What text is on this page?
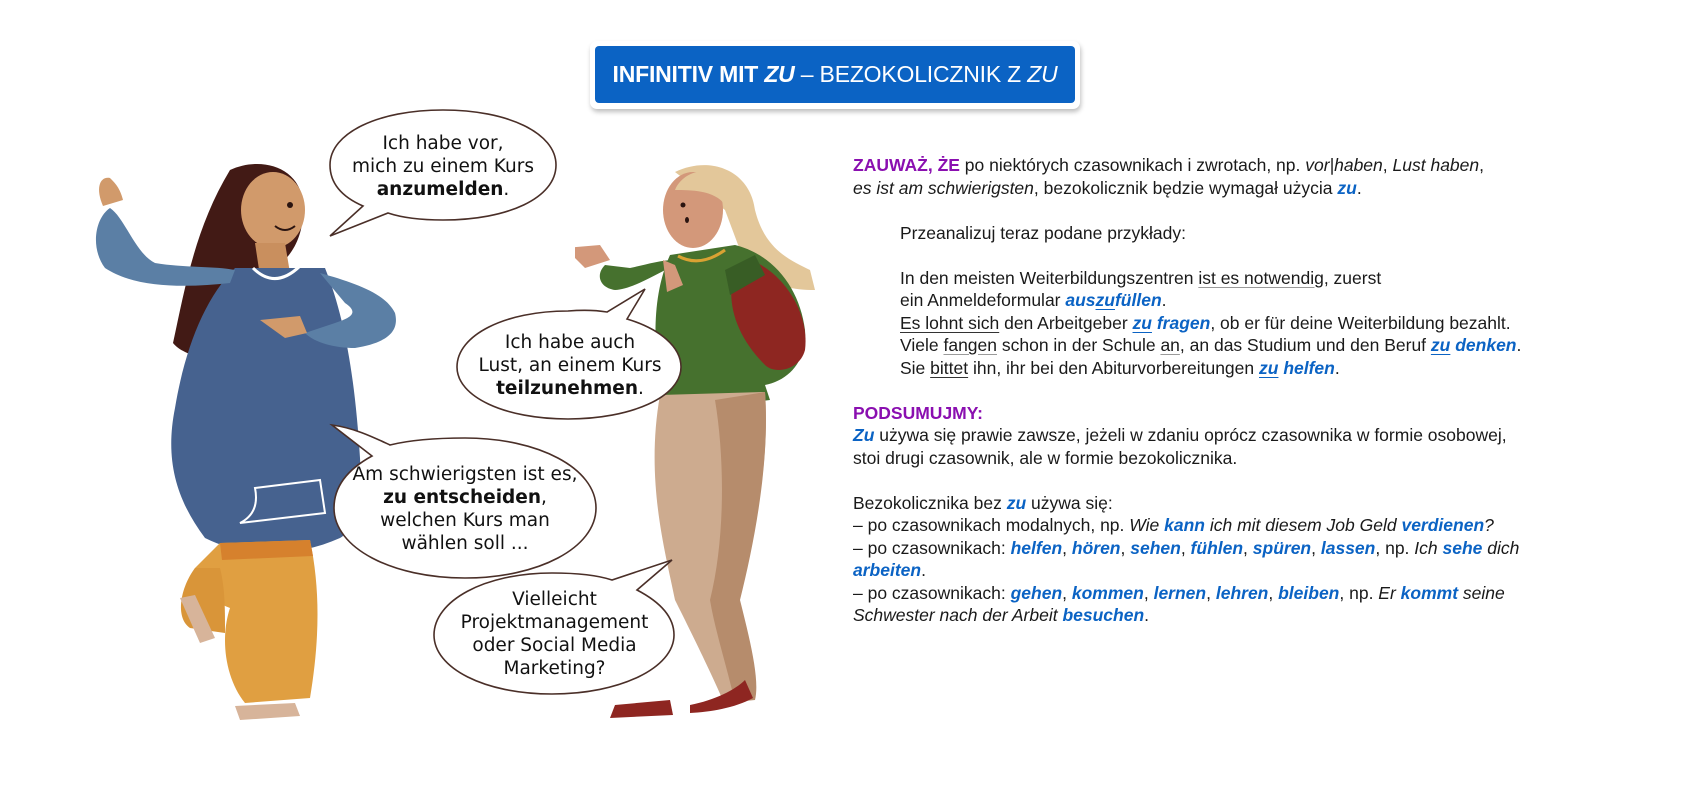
INFINITIV MIT ZU – BEZOKOLICZNIK Z ZU
Ich habe vor,
mich zu einem Kurs
anzumelden.
Ich habe auch
Lust, an einem Kurs
teilzunehmen.
Am schwierigsten ist es,
zu entscheiden,
welchen Kurs man
wählen soll ...
Vielleicht
Projektmanagement
oder Social Media
Marketing?

ZAUWAŻ, ŻE po niektórych czasownikach i zwrotach, np. vor|haben, Lust haben,
es ist am schwierigsten, bezokolicznik będzie wymagał użycia zu.

Przeanalizuj teraz podane przykłady:

In den meisten Weiterbildungszentren ist es notwendig, zuerst
ein Anmeldeformular auszufüllen.

Es lohnt sich den Arbeitgeber zu fragen, ob er für deine Weiterbildung bezahlt.

Viele fangen schon in der Schule an, an das Studium und den Beruf zu denken.

Sie bittet ihn, ihr bei den Abiturvorbereitungen zu helfen.

PODSUMUJMY:

Zu używa się prawie zawsze, jeżeli w zdaniu oprócz czasownika w formie osobowej,
stoi drugi czasownik, ale w formie bezokolicznika.

Bezokolicznika bez zu używa się:

– po czasownikach modalnych, np. Wie kann ich mit diesem Job Geld verdienen?

– po czasownikach: helfen, hören, sehen, fühlen, spüren, lassen, np. Ich sehe dich
arbeiten.

– po czasownikach: gehen, kommen, lernen, lehren, bleiben, np. Er kommt seine
Schwester nach der Arbeit besuchen.
